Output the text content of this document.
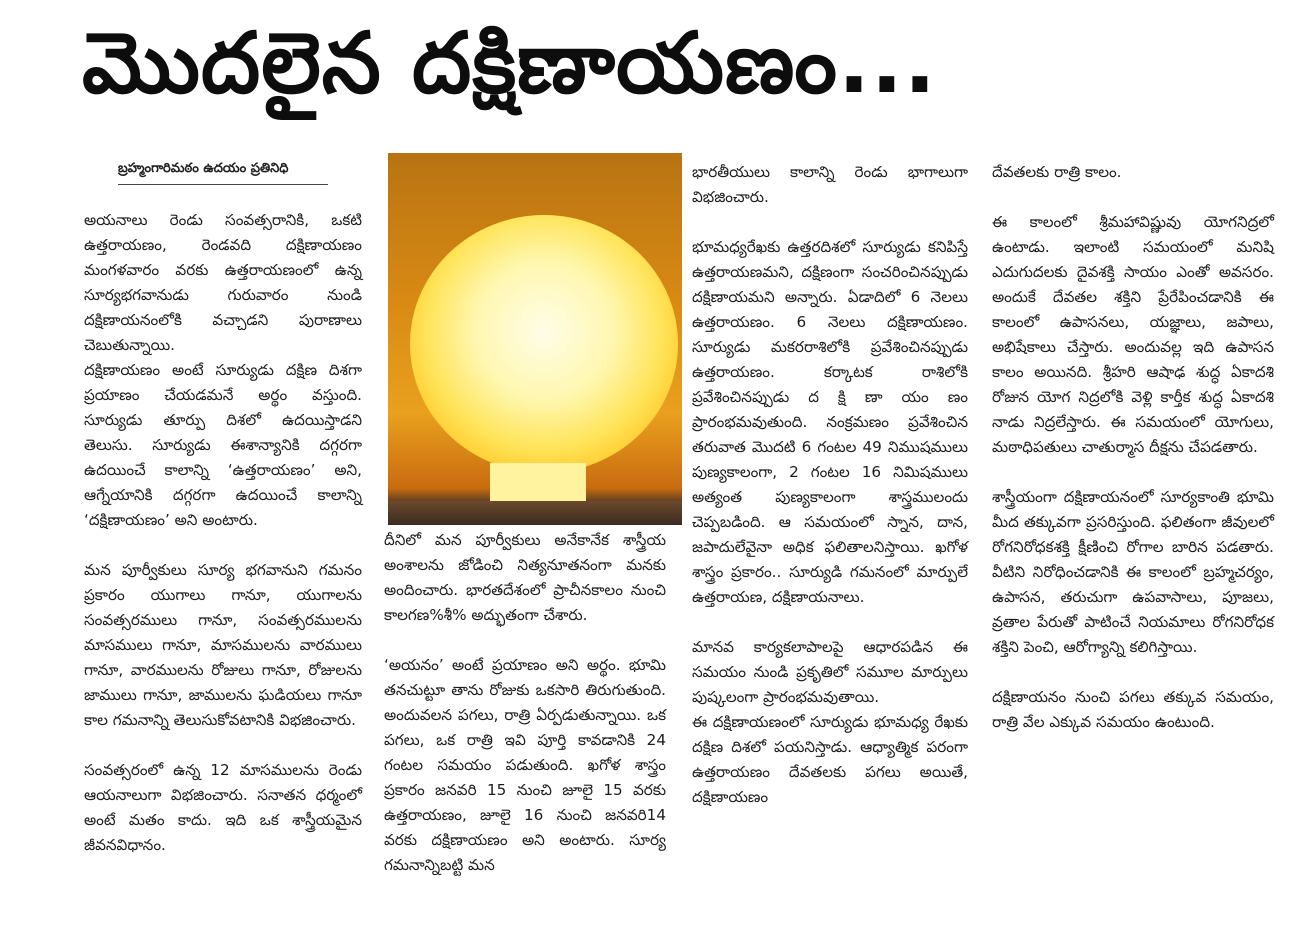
మొదలైన దక్షిణాయణం...
బ్రహ్మంగారిమఠం ఉదయం ప్రతినిధి

అయనాలు రెండు సంవత్సరానికి, ఒకటి ఉత్తరాయణం, రెండవది దక్షిణాయణం మంగళవారం వరకు ఉత్తరాయణంలో ఉన్న సూర్యభగవానుడు గురువారం నుండి దక్షిణాయనంలోకి వచ్చాడని పురాణాలు చెబుతున్నాయి.

దక్షిణాయణం అంటే సూర్యుడు దక్షిణ దిశగా ప్రయాణం చేయడమనే అర్థం వస్తుంది. సూర్యుడు తూర్పు దిశలో ఉదయిస్తాడని తెలుసు. సూర్యుడు ఈశాన్యానికి దగ్గరగా ఉదయించే కాలాన్ని ‘ఉత్తరాయణం’ అని, ఆగ్నేయానికి దగ్గరగా ఉదయించే కాలాన్ని ‘దక్షిణాయణం’ అని అంటారు.

మన పూర్వీకులు సూర్య భగవానుని గమనం ప్రకారం యుగాలు గానూ, యుగాలను సంవత్సరములు గానూ, సంవత్సరములను మాసములు గానూ, మాసములను వారములు గానూ, వారములను రోజులు గానూ, రోజులను జాములు గానూ, జాములను ఘడియలు గానూ కాల గమనాన్ని తెలుసుకోవటానికి విభజించారు.

సంవత్సరంలో ఉన్న 12 మాసములను రెండు ఆయనాలుగా విభజించారు. సనాతన ధర్మంలో అంటే మతం కాదు. ఇది ఒక శాస్త్రీయమైన జీవనవిధానం.

దీనిలో మన పూర్వీకులు అనేకానేక శాస్త్రీయ అంశాలను జోడించి నిత్యనూతనంగా మనకు అందించారు. భారతదేశంలో ప్రాచీనకాలం నుంచి కాలగణ%శీ% అద్భుతంగా చేశారు.

‘అయనం’ అంటే ప్రయాణం అని అర్థం. భూమి తనచుట్టూ తాను రోజుకు ఒకసారి తిరుగుతుంది. అందువలన పగలు, రాత్రి ఏర్పడుతున్నాయి. ఒక పగలు, ఒక రాత్రి ఇవి పూర్తి కావడానికి 24 గంటల సమయం పడుతుంది. ఖగోళ శాస్త్రం ప్రకారం జనవరి 15 నుంచి జూలై 15 వరకు ఉత్తరాయణం, జూలై 16 నుంచి జనవరి14 వరకు దక్షిణాయణం అని అంటారు. సూర్య గమనాన్నిబట్టి మన

భారతీయులు కాలాన్ని రెండు భాగాలుగా విభజించారు.

భూమధ్యరేఖకు ఉత్తరదిశలో సూర్యుడు కనిపిస్తే ఉత్తరాయణమని, దక్షిణంగా సంచరించినప్పుడు దక్షిణాయమని అన్నారు. ఏడాదిలో 6 నెలలు ఉత్తరాయణం. 6 నెలలు దక్షిణాయణం. సూర్యుడు మకరరాశిలోకి ప్రవేశించినప్పుడు ఉత్తరాయణం. కర్కాటక రాశిలోకి ప్రవేశించినప్పుడు ద క్షి ణా యం ణం ప్రారంభమవుతుంది. నంక్రమణం ప్రవేశించిన తరువాత మొదటి 6 గంటల 49 నిముషములు పుణ్యకాలంగా, 2 గంటల 16 నిమిషములు అత్యంత పుణ్యకాలంగా శాస్త్రములందు చెప్పబడింది. ఆ సమయంలో స్నాన, దాన, జపాదులేవైనా అధిక ఫలితాలనిస్తాయి. ఖగోళ శాస్త్రం ప్రకారం.. సూర్యుడి గమనంలో మార్పులే ఉత్తరాయణ, దక్షిణాయనాలు.

మానవ కార్యకలాపాలపై ఆధారపడిన ఈ సమయం నుండి ప్రకృతిలో సమూల మార్పులు పుష్కలంగా ప్రారంభమవుతాయి.

ఈ దక్షిణాయణంలో సూర్యుడు భూమధ్య రేఖకు దక్షిణ దిశలో పయనిస్తాడు. ఆధ్యాత్మిక పరంగా ఉత్తరాయణం దేవతలకు పగలు అయితే, దక్షిణాయణం

దేవతలకు రాత్రి కాలం.

ఈ కాలంలో శ్రీమహావిష్ణువు యోగనిద్రలో ఉంటాడు. ఇలాంటి సమయంలో మనిషి ఎదుగుదలకు దైవశక్తి సాయం ఎంతో అవసరం. అందుకే దేవతల శక్తిని ప్రేరేపించడానికి ఈ కాలంలో ఉపాసనలు, యజ్ఞాలు, జపాలు, అభిషేకాలు చేస్తారు. అందువల్ల ఇది ఉపాసన కాలం అయినది. శ్రీహరి ఆషాఢ శుద్ధ ఏకాదశి రోజున యోగ నిద్రలోకి వెళ్లి కార్తీక శుద్ధ ఏకాదశి నాడు నిద్రలేస్తారు. ఈ సమయంలో యోగులు, మఠాధిపతులు చాతుర్మాస దీక్షను చేపడతారు.

శాస్త్రీయంగా దక్షిణాయనంలో సూర్యకాంతి భూమి మీద తక్కువగా ప్రసరిస్తుంది. ఫలితంగా జీవులలో రోగనిరోధకశక్తి క్షీణించి రోగాల బారిన పడతారు. వీటిని నిరోధించడానికి ఈ కాలంలో బ్రహ్మచర్యం, ఉపాసన, తరుచుగా ఉపవాసాలు, పూజలు, వ్రతాల పేరుతో పాటించే నియమాలు రోగనిరోధక శక్తిని పెంచి, ఆరోగ్యాన్ని కలిగిస్తాయి.

దక్షిణాయనం నుంచి పగలు తక్కువ సమయం, రాత్రి వేల ఎక్కువ సమయం ఉంటుంది.
